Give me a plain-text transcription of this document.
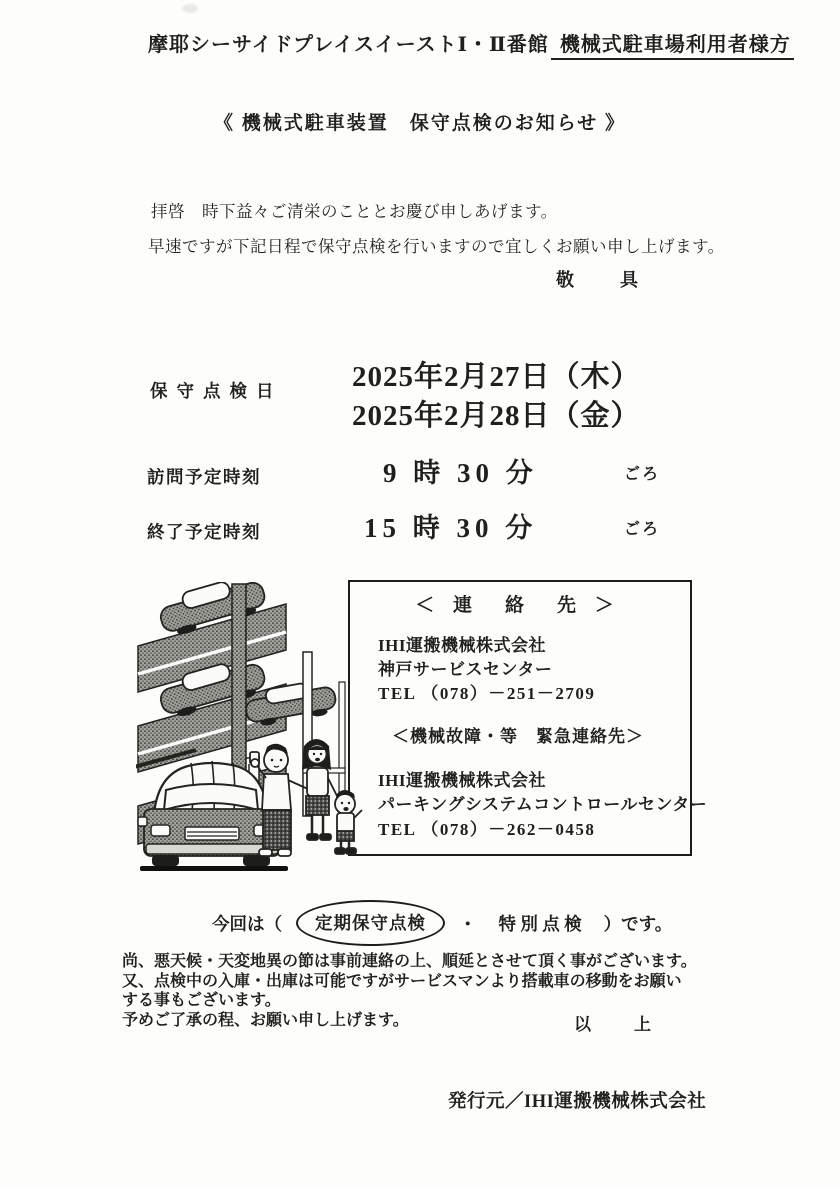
摩耶シーサイドプレイスイーストⅠ・Ⅱ番館 機械式駐車場利用者様方
《 機械式駐車装置　保守点検のお知らせ 》
拝啓　時下益々ご清栄のこととお慶び申しあげます。
早速ですが下記日程で保守点検を行いますので宜しくお願い申し上げます。
敬　具
保守点検日 2025年2月27日（木）
2025年2月28日（金）
訪問予定時刻	9 時 30 分	ごろ
終了予定時刻	15 時 30 分	ごろ
＜ 連　絡　先 ＞
IHI運搬機械株式会社
神戸サービスセンター
TEL （078）－251－2709
＜機械故障・等　緊急連絡先＞
IHI運搬機械株式会社
パーキングシステムコントロールセンター
TEL （078）－262－0458
今回は（	定期保守点検	・ 特 別 点 検 ）です。
尚、悪天候・天変地異の節は事前連絡の上、順延とさせて頂く事がございます。
又、点検中の入庫・出庫は可能ですがサービスマンより搭載車の移動をお願い
する事もございます。
予めご了承の程、お願い申し上げます。	以　上
発行元／IHI運搬機械株式会社
